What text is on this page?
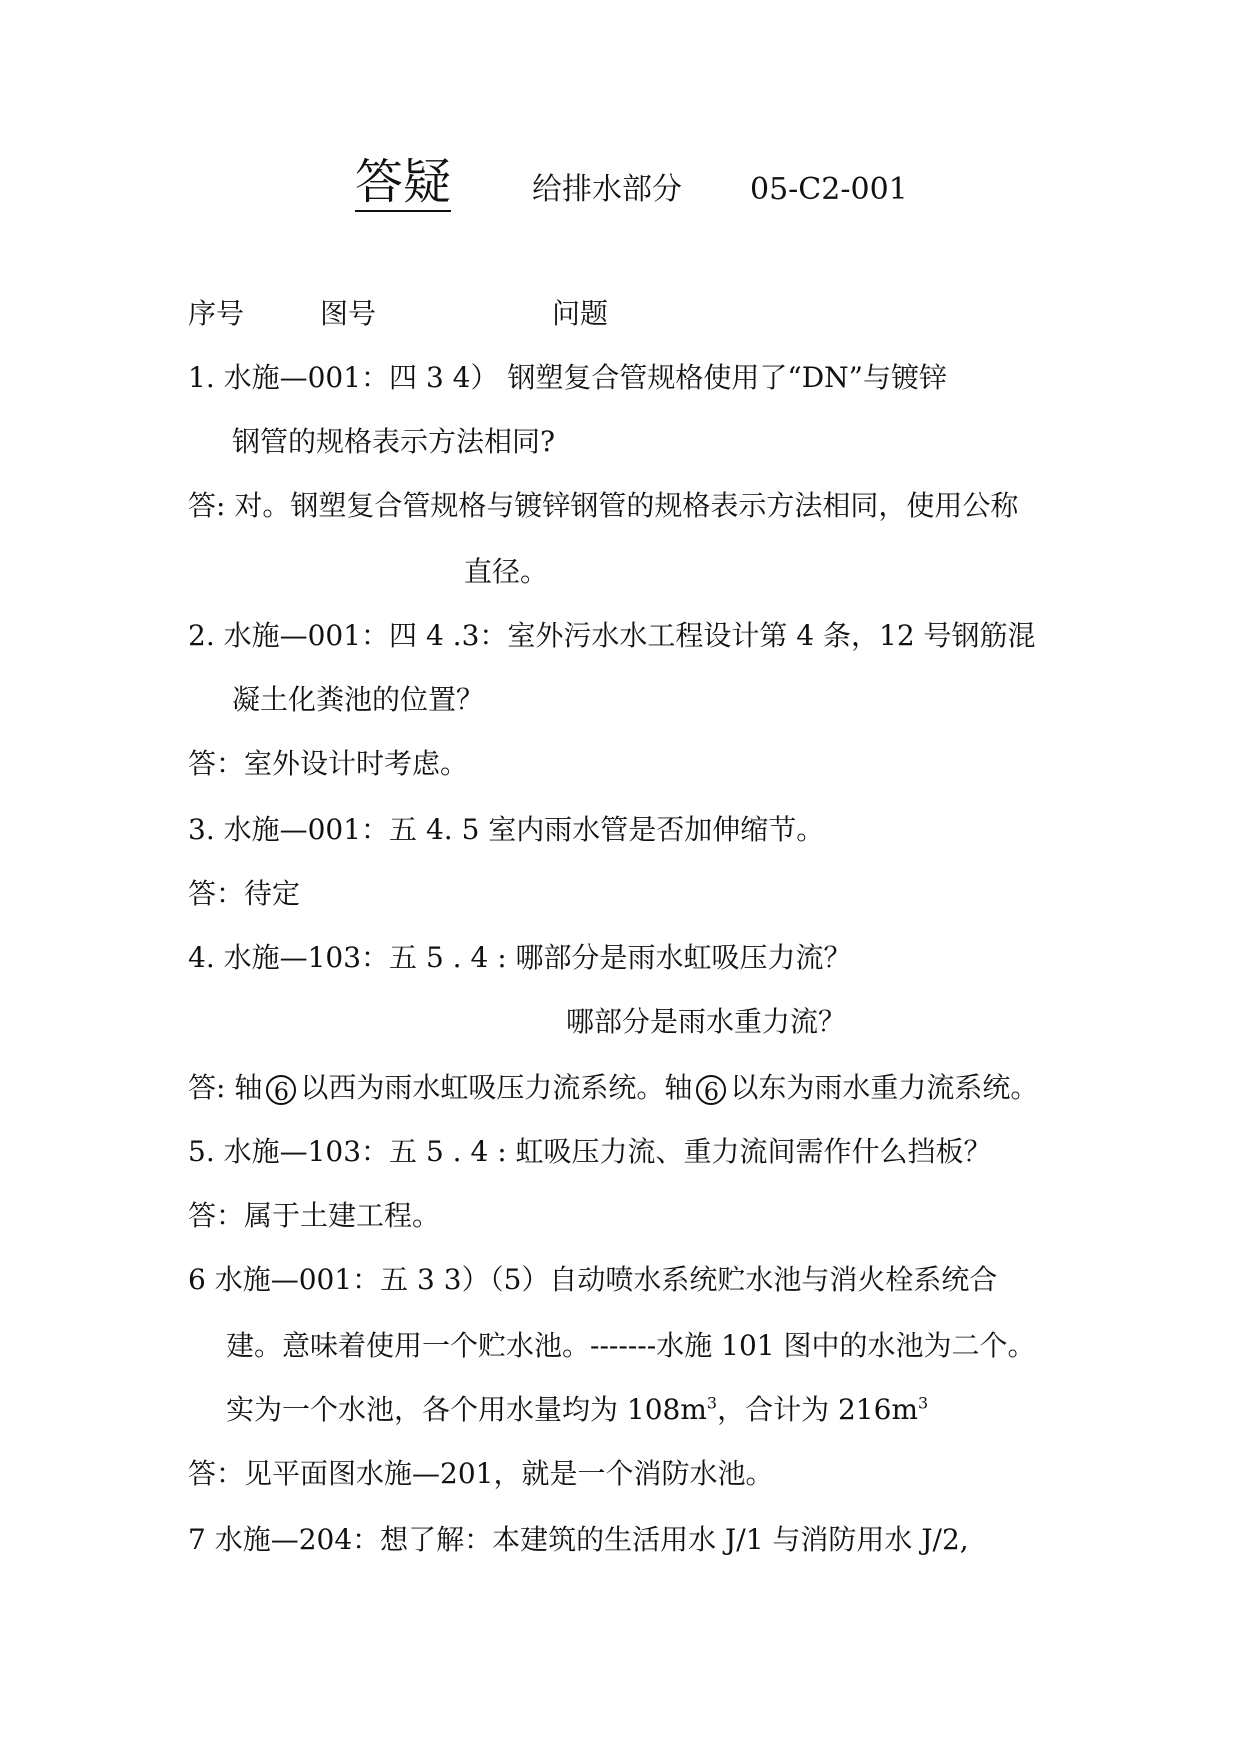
答疑	给排水部分 05-C2-001
序号	图号	问题
1. 水施—001：四 3 4） 钢塑复合管规格使用了“DN”与镀锌
钢管的规格表示方法相同?
答: 对。钢塑复合管规格与镀锌钢管的规格表示方法相同，使用公称
直径。
2. 水施—001：四 4 .3：室外污水水工程设计第 4 条，12 号钢筋混
凝土化粪池的位置？
答：室外设计时考虑。
3. 水施—001：五 4. 5 室内雨水管是否加伸缩节。
答：待定
4. 水施—103：五 5 . 4 : 哪部分是雨水虹吸压力流？
哪部分是雨水重力流？
答: 轴 6 以西为雨水虹吸压力流系统。轴 6 以东为雨水重力流系统。
5. 水施—103：五 5 . 4 : 虹吸压力流、重力流间需作什么挡板？
答：属于土建工程。
6 水施—001：五 3 3）（5）自动喷水系统贮水池与消火栓系统合
建。意味着使用一个贮水池。-------水施 101 图中的水池为二个。
实为一个水池，各个用水量均为 $108m^3$，合计为 $216m^3$
答：见平面图水施—201，就是一个消防水池。
7 水施—204：想了解：本建筑的生活用水 J/1 与消防用水 J/2,
